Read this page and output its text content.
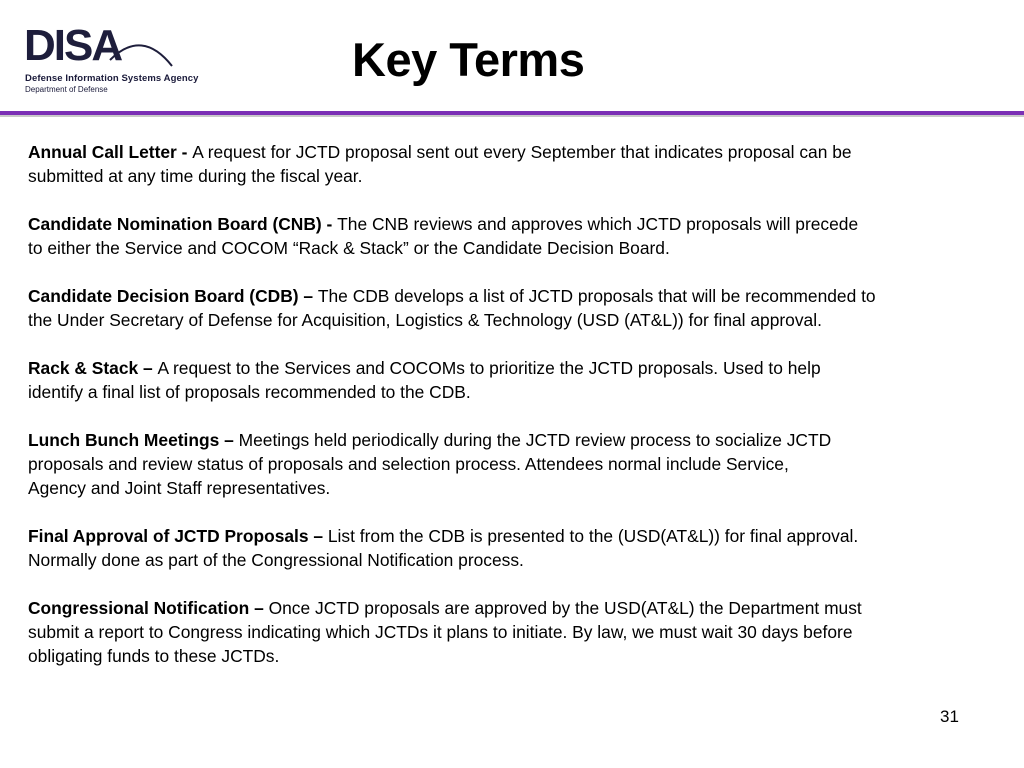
DISA
Defense Information Systems Agency
Department of Defense
Key Terms

Annual Call Letter - A request for JCTD proposal sent out every September that indicates proposal can be
submitted at any time during the fiscal year.

Candidate Nomination Board (CNB) - The CNB reviews and approves which JCTD proposals will precede
to either the Service and COCOM “Rack & Stack” or the Candidate Decision Board.

Candidate Decision Board (CDB) – The CDB develops a list of JCTD proposals that will be recommended to
the Under Secretary of Defense for Acquisition, Logistics & Technology (USD (AT&L)) for final approval.

Rack & Stack – A request to the Services and COCOMs to prioritize the JCTD proposals. Used to help
identify a final list of proposals recommended to the CDB.

Lunch Bunch Meetings – Meetings held periodically during the JCTD review process to socialize JCTD
proposals and review status of proposals and selection process. Attendees normal include Service,
Agency and Joint Staff representatives.

Final Approval of JCTD Proposals – List from the CDB is presented to the (USD(AT&L)) for final approval.
Normally done as part of the Congressional Notification process.

Congressional Notification – Once JCTD proposals are approved by the USD(AT&L) the Department must
submit a report to Congress indicating which JCTDs it plans to initiate. By law, we must wait 30 days before
obligating funds to these JCTDs.

31
